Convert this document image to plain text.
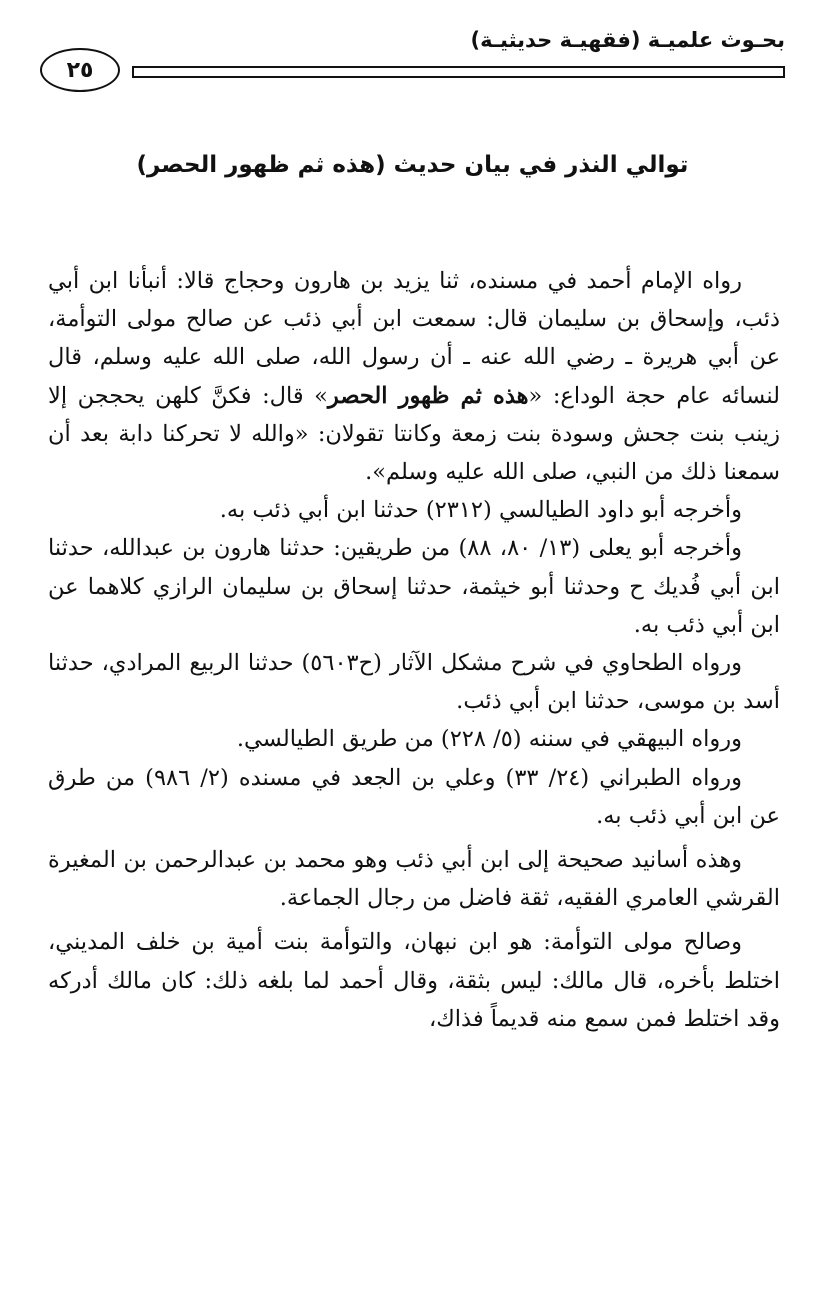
بحـوث علميـة (فقهيـة حديثيـة)
٢٥
توالي النذر في بيان حديث (هذه ثم ظهور الحصر)

رواه الإمام أحمد في مسنده، ثنا يزيد بن هارون وحجاج قالا: أنبأنا ابن أبي ذئب، وإسحاق بن سليمان قال: سمعت ابن أبي ذئب عن صالح مولى التوأمة، عن أبي هريرة ـ رضي الله عنه ـ أن رسول الله، صلى الله عليه وسلم، قال لنسائه عام حجة الوداع: «هذه ثم ظهور الحصر» قال: فكنَّ كلهن يحججن إلا زينب بنت جحش وسودة بنت زمعة وكانتا تقولان: «والله لا تحركنا دابة بعد أن سمعنا ذلك من النبي، صلى الله عليه وسلم».

وأخرجه أبو داود الطيالسي (٢٣١٢) حدثنا ابن أبي ذئب به.

وأخرجه أبو يعلى (١٣/ ٨٠، ٨٨) من طريقين: حدثنا هارون بن عبدالله، حدثنا ابن أبي فُديك ح وحدثنا أبو خيثمة، حدثنا إسحاق بن سليمان الرازي كلاهما عن ابن أبي ذئب به.

ورواه الطحاوي في شرح مشكل الآثار (ح٥٦٠٣) حدثنا الربيع المرادي، حدثنا أسد بن موسى، حدثنا ابن أبي ذئب.

ورواه البيهقي في سننه (٥/ ٢٢٨) من طريق الطيالسي.

ورواه الطبراني (٢٤/ ٣٣) وعلي بن الجعد في مسنده (٢/ ٩٨٦) من طرق عن ابن أبي ذئب به.

وهذه أسانيد صحيحة إلى ابن أبي ذئب وهو محمد بن عبدالرحمن بن المغيرة القرشي العامري الفقيه، ثقة فاضل من رجال الجماعة.

وصالح مولى التوأمة: هو ابن نبهان، والتوأمة بنت أمية بن خلف المديني، اختلط بأخره، قال مالك: ليس بثقة، وقال أحمد لما بلغه ذلك: كان مالك أدركه وقد اختلط فمن سمع منه قديماً فذاك،
